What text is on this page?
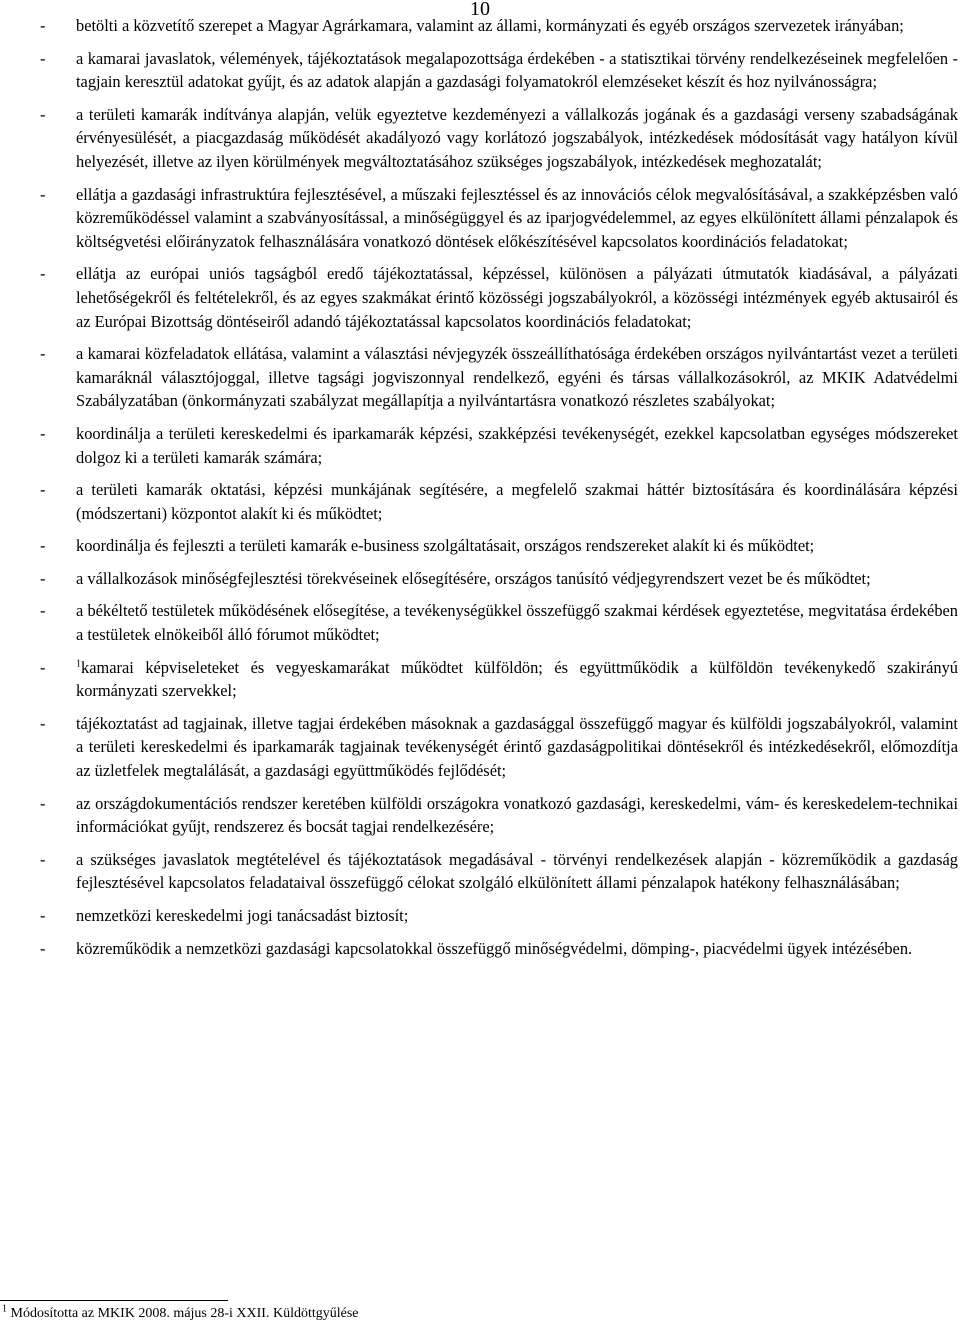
10
- betölti a közvetítő szerepet a Magyar Agrárkamara, valamint az állami, kormányzati és egyéb országos szervezetek irányában;
- a kamarai javaslatok, vélemények, tájékoztatások megalapozottsága érdekében - a statisztikai törvény rendelkezéseinek megfelelően - tagjain keresztül adatokat gyűjt, és az adatok alapján a gazdasági folyamatokról elemzéseket készít és hoz nyilvánosságra;
- a területi kamarák indítványa alapján, velük egyeztetve kezdeményezi a vállalkozás jogának és a gazdasági verseny szabadságának érvényesülését, a piacgazdaság működését akadályozó vagy korlátozó jogszabályok, intézkedések módosítását vagy hatályon kívül helyezését, illetve az ilyen körülmények megváltoztatásához szükséges jogszabályok, intézkedések meghozatalát;
- ellátja a gazdasági infrastruktúra fejlesztésével, a műszaki fejlesztéssel és az innovációs célok megvalósításával, a szakképzésben való közreműködéssel valamint a szabványosítással, a minőségüggyel és az iparjogvédelemmel, az egyes elkülönített állami pénzalapok és költségvetési előirányzatok felhasználására vonatkozó döntések előkészítésével kapcsolatos koordinációs feladatokat;
- ellátja az európai uniós tagságból eredő tájékoztatással, képzéssel, különösen a pályázati útmutatók kiadásával, a pályázati lehetőségekről és feltételekről, és az egyes szakmákat érintő közösségi jogszabályokról, a közösségi intézmények egyéb aktusairól és az Európai Bizottság döntéseiről adandó tájékoztatással kapcsolatos koordinációs feladatokat;
- a kamarai közfeladatok ellátása, valamint a választási névjegyzék összeállíthatósága érdekében országos nyilvántartást vezet a területi kamaráknál választójoggal, illetve tagsági jogviszonnyal rendelkező, egyéni és társas vállalkozásokról, az MKIK Adatvédelmi Szabályzatában (önkormányzati szabályzat megállapítja a nyilvántartásra vonatkozó részletes szabályokat;
- koordinálja a területi kereskedelmi és iparkamarák képzési, szakképzési tevékenységét, ezekkel kapcsolatban egységes módszereket dolgoz ki a területi kamarák számára;
- a területi kamarák oktatási, képzési munkájának segítésére, a megfelelő szakmai háttér biztosítására és koordinálására képzési (módszertani) központot alakít ki és működtet;
- koordinálja és fejleszti a területi kamarák e-business szolgáltatásait, országos rendszereket alakít ki és működtet;
- a vállalkozások minőségfejlesztési törekvéseinek elősegítésére, országos tanúsító védjegyrendszert vezet be és működtet;
- a békéltető testületek működésének elősegítése, a tevékenységükkel összefüggő szakmai kérdések egyeztetése, megvitatása érdekében a testületek elnökeiből álló fórumot működtet;
-	$^1$kamarai képviseleteket és vegyeskamarákat működtet külföldön; és együttműködik a külföldön tevékenykedő szakirányú kormányzati szervekkel;
- tájékoztatást ad tagjainak, illetve tagjai érdekében másoknak a gazdasággal összefüggő magyar és külföldi jogszabályokról, valamint a területi kereskedelmi és iparkamarák tagjainak tevékenységét érintő gazdaságpolitikai döntésekről és intézkedésekről, előmozdítja az üzletfelek megtalálását, a gazdasági együttműködés fejlődését;
- az országdokumentációs rendszer keretében külföldi országokra vonatkozó gazdasági, kereskedelmi, vám- és kereskedelem-technikai információkat gyűjt, rendszerez és bocsát tagjai rendelkezésére;
- a szükséges javaslatok megtételével és tájékoztatások megadásával - törvényi rendelkezések alapján - közreműködik a gazdaság fejlesztésével kapcsolatos feladataival összefüggő célokat szolgáló elkülönített állami pénzalapok hatékony felhasználásában;
- nemzetközi kereskedelmi jogi tanácsadást biztosít;
- közreműködik a nemzetközi gazdasági kapcsolatokkal összefüggő minőségvédelmi, dömping-, piacvédelmi ügyek intézésében.
$^1$ Módosította az MKIK 2008. május 28-i XXII. Küldöttgyűlése
